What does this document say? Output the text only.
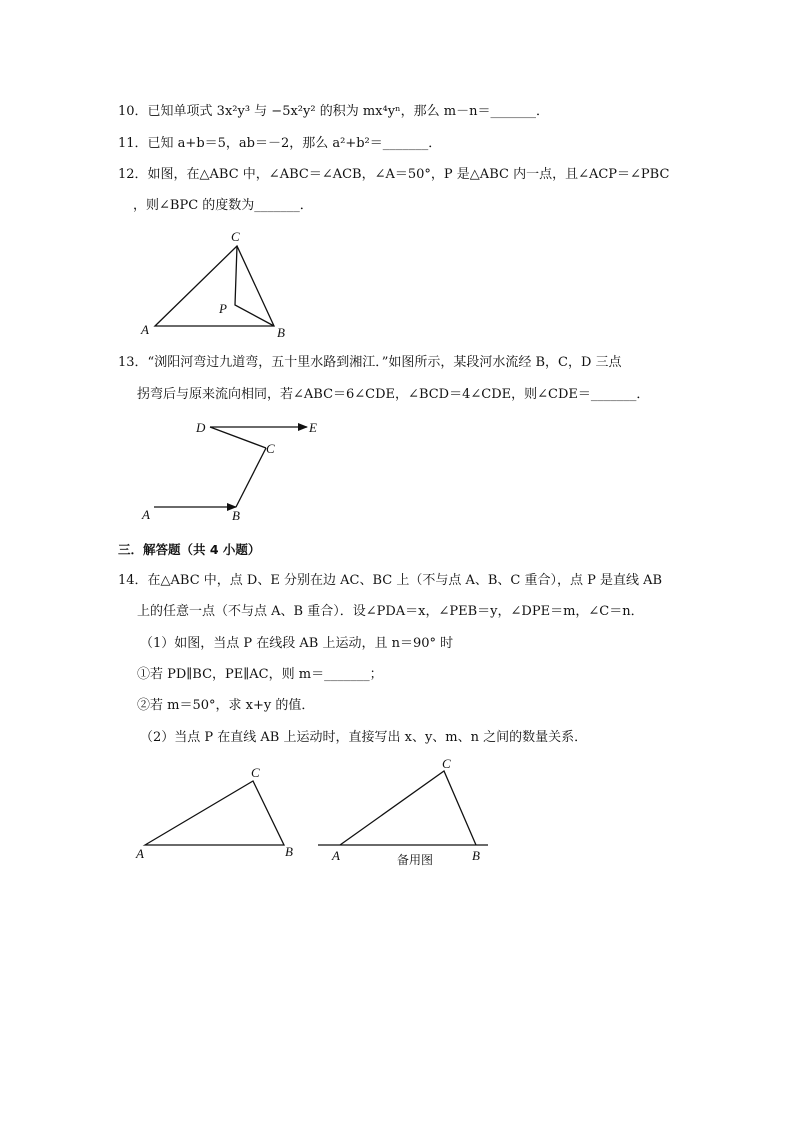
10．已知单项式 3x²y³ 与 −5x²y² 的积为 mx⁴yⁿ，那么 m－n＝_______．
11．已知 a+b＝5，ab＝－2，那么 a²+b²＝_______．
12．如图，在△ABC 中，∠ABC＝∠ACB，∠A＝50°，P 是△ABC 内一点，且∠ACP＝∠PBC
，则∠BPC 的度数为_______．
13．“浏阳河弯过九道弯，五十里水路到湘江．”如图所示，某段河水流经 B，C，D 三点
拐弯后与原来流向相同，若∠ABC＝6∠CDE，∠BCD＝4∠CDE，则∠CDE＝_______．
三．解答题（共 4 小题）
14．在△ABC 中，点 D、E 分别在边 AC、BC 上（不与点 A、B、C 重合），点 P 是直线 AB
上的任意一点（不与点 A、B 重合）．设∠PDA＝x，∠PEB＝y，∠DPE＝m，∠C＝n．
（1）如图，当点 P 在线段 AB 上运动，且 n＝90° 时
①若 PD∥BC，PE∥AC，则 m＝_______；
②若 m＝50°，求 x+y 的值．
（2）当点 P 在直线 AB 上运动时，直接写出 x、y、m、n 之间的数量关系．
A	B
C
P
D	E
C
A	B
A	B
C
A	B
C
备用图
